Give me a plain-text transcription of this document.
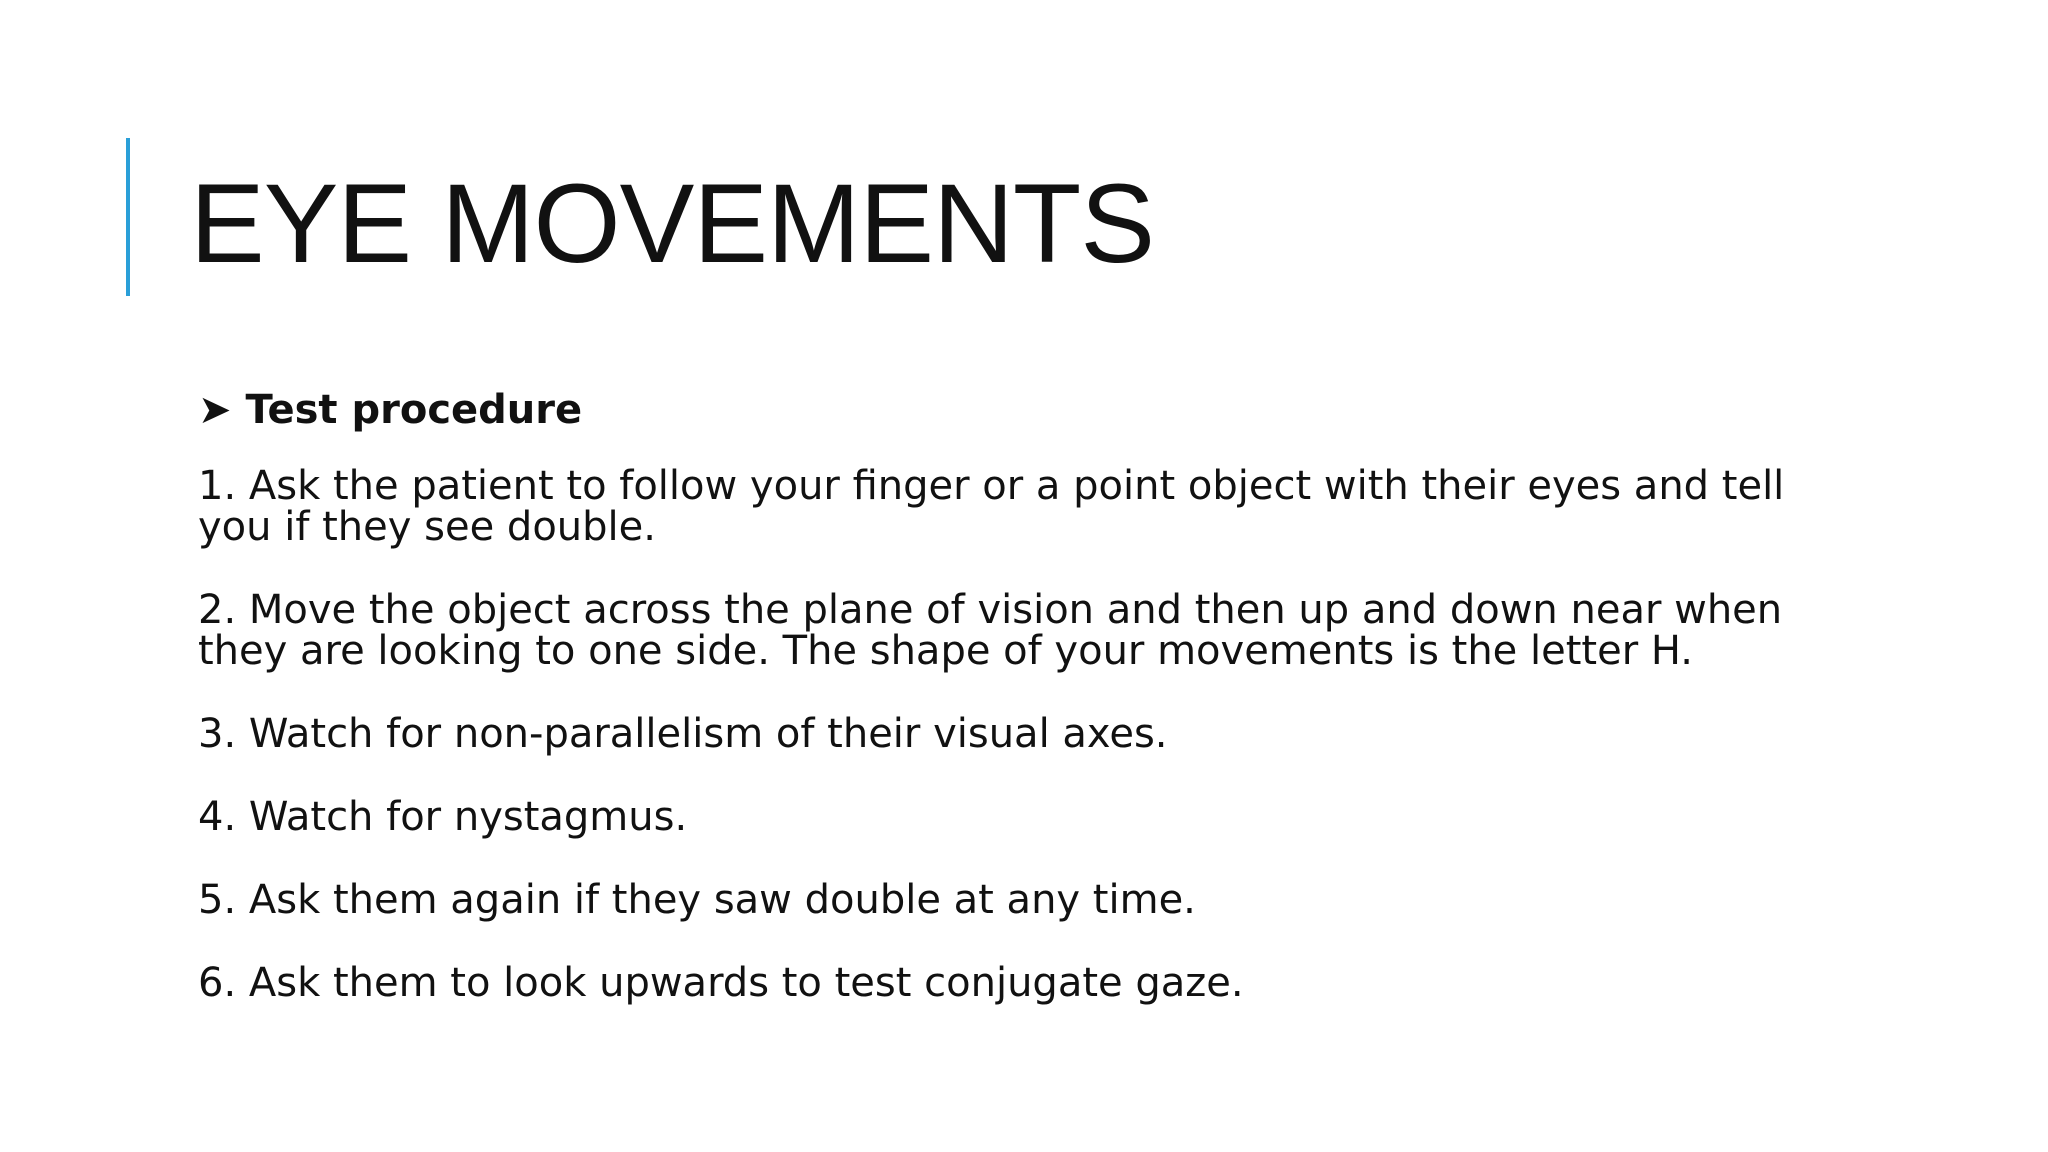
EYE MOVEMENTS
➤ Test procedure
1. Ask the patient to follow your finger or a point object with their eyes and tell you if they see double.
2. Move the object across the plane of vision and then up and down near when they are looking to one side. The shape of your movements is the letter H.
3. Watch for non-parallelism of their visual axes.
4. Watch for nystagmus.
5. Ask them again if they saw double at any time.
6. Ask them to look upwards to test conjugate gaze.
